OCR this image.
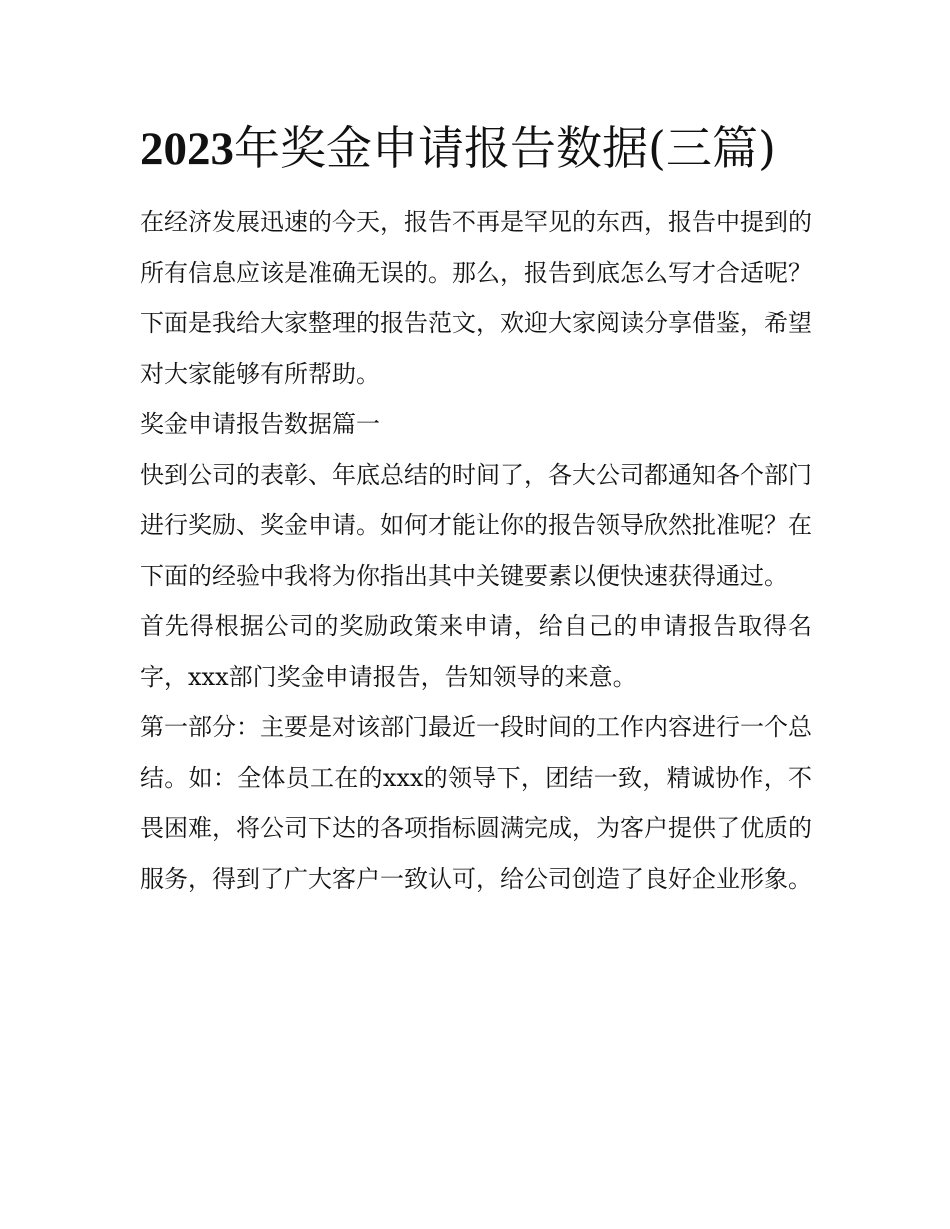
2023年奖金申请报告数据(三篇)

在经济发展迅速的今天，报告不再是罕见的东西，报告中提到的所有信息应该是准确无误的。那么，报告到底怎么写才合适呢？下面是我给大家整理的报告范文，欢迎大家阅读分享借鉴，希望对大家能够有所帮助。

奖金申请报告数据篇一

快到公司的表彰、年底总结的时间了，各大公司都通知各个部门进行奖励、奖金申请。如何才能让你的报告领导欣然批准呢？在下面的经验中我将为你指出其中关键要素以便快速获得通过。

首先得根据公司的奖励政策来申请，给自己的申请报告取得名字，xxx部门奖金申请报告，告知领导的来意。

第一部分：主要是对该部门最近一段时间的工作内容进行一个总结。如：全体员工在的xxx的领导下，团结一致，精诚协作，不畏困难，将公司下达的各项指标圆满完成，为客户提供了优质的服务，得到了广大客户一致认可，给公司创造了良好企业形象。
